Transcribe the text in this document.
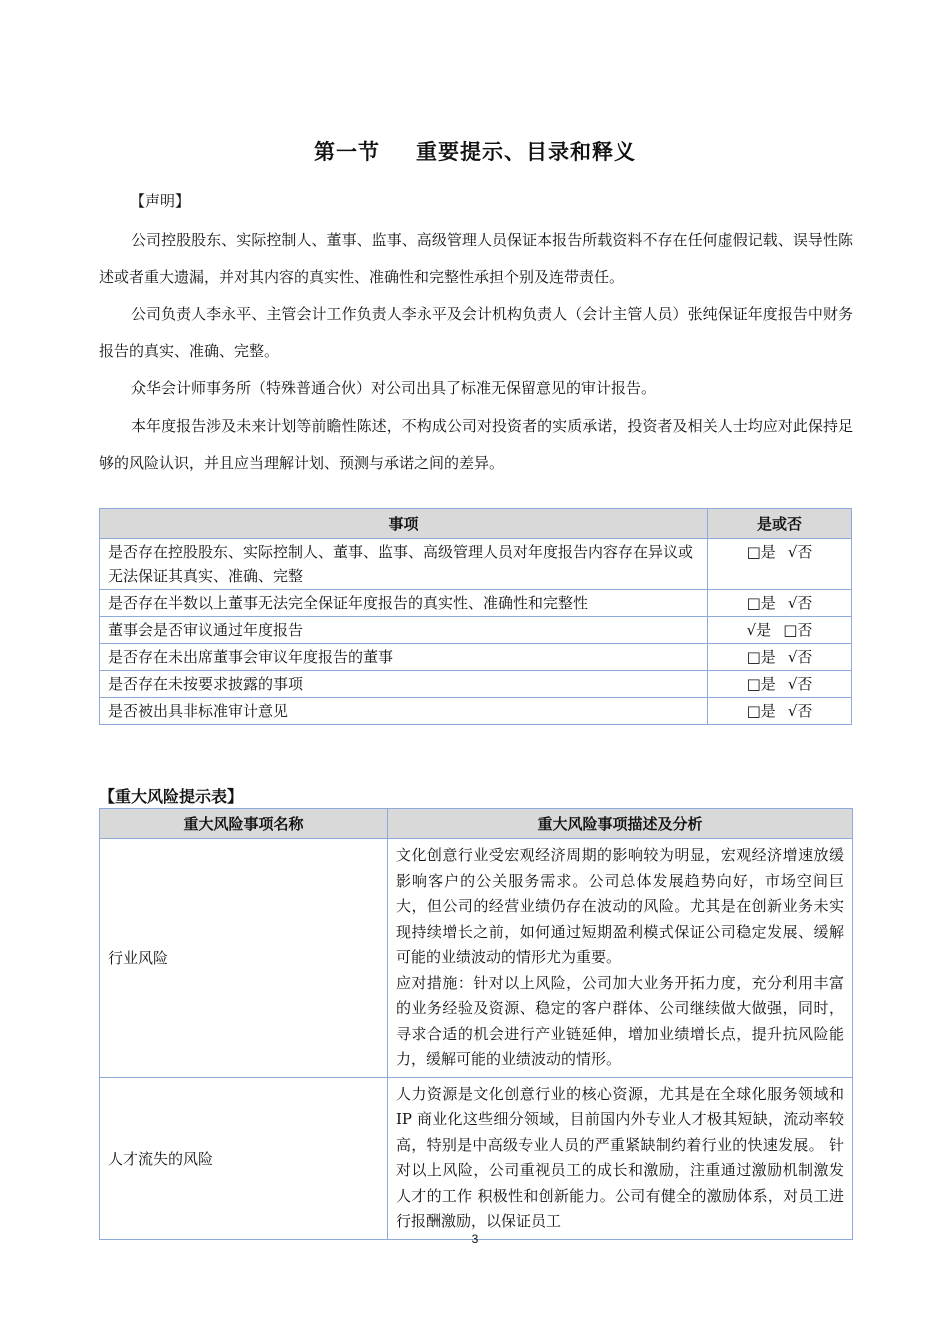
第一节 重要提示、目录和释义
【声明】
公司控股股东、实际控制人、董事、监事、高级管理人员保证本报告所载资料不存在任何虚假记载、误导性陈述或者重大遗漏，并对其内容的真实性、准确性和完整性承担个别及连带责任。
公司负责人李永平、主管会计工作负责人李永平及会计机构负责人（会计主管人员）张纯保证年度报告中财务报告的真实、准确、完整。
众华会计师事务所（特殊普通合伙）对公司出具了标准无保留意见的审计报告。
本年度报告涉及未来计划等前瞻性陈述，不构成公司对投资者的实质承诺，投资者及相关人士均应对此保持足够的风险认识，并且应当理解计划、预测与承诺之间的差异。
事项	是或否
是否存在控股股东、实际控制人、董事、监事、高级管理人员对年度报告内容存在异议或无法保证其真实、准确、完整	□是 √否
是否存在半数以上董事无法完全保证年度报告的真实性、准确性和完整性	□是 √否
董事会是否审议通过年度报告	√是 □否
是否存在未出席董事会审议年度报告的董事	□是 √否
是否存在未按要求披露的事项	□是 √否
是否被出具非标准审计意见	□是 √否
【重大风险提示表】
重大风险事项名称	重大风险事项描述及分析
行业风险	文化创意行业受宏观经济周期的影响较为明显，宏观经济增速放缓影响客户的公关服务需求。公司总体发展趋势向好，市场空间巨大，但公司的经营业绩仍存在波动的风险。尤其是在创新业务未实现持续增长之前，如何通过短期盈利模式保证公司稳定发展、缓解可能的业绩波动的情形尤为重要。
应对措施：针对以上风险，公司加大业务开拓力度，充分利用丰富的业务经验及资源、稳定的客户群体、公司继续做大做强，同时，寻求合适的机会进行产业链延伸，增加业绩增长点，提升抗风险能力，缓解可能的业绩波动的情形。

人才流失的风险	人力资源是文化创意行业的核心资源，尤其是在全球化服务领域和IP 商业化这些细分领域，目前国内外专业人才极其短缺，流动率较高，特别是中高级专业人员的严重紧缺制约着行业的快速发展。 针对以上风险，公司重视员工的成长和激励，注重通过激励机制激发人才的工作 积极性和创新能力。公司有健全的激励体系，对员工进行报酬激励，以保证员工
3
